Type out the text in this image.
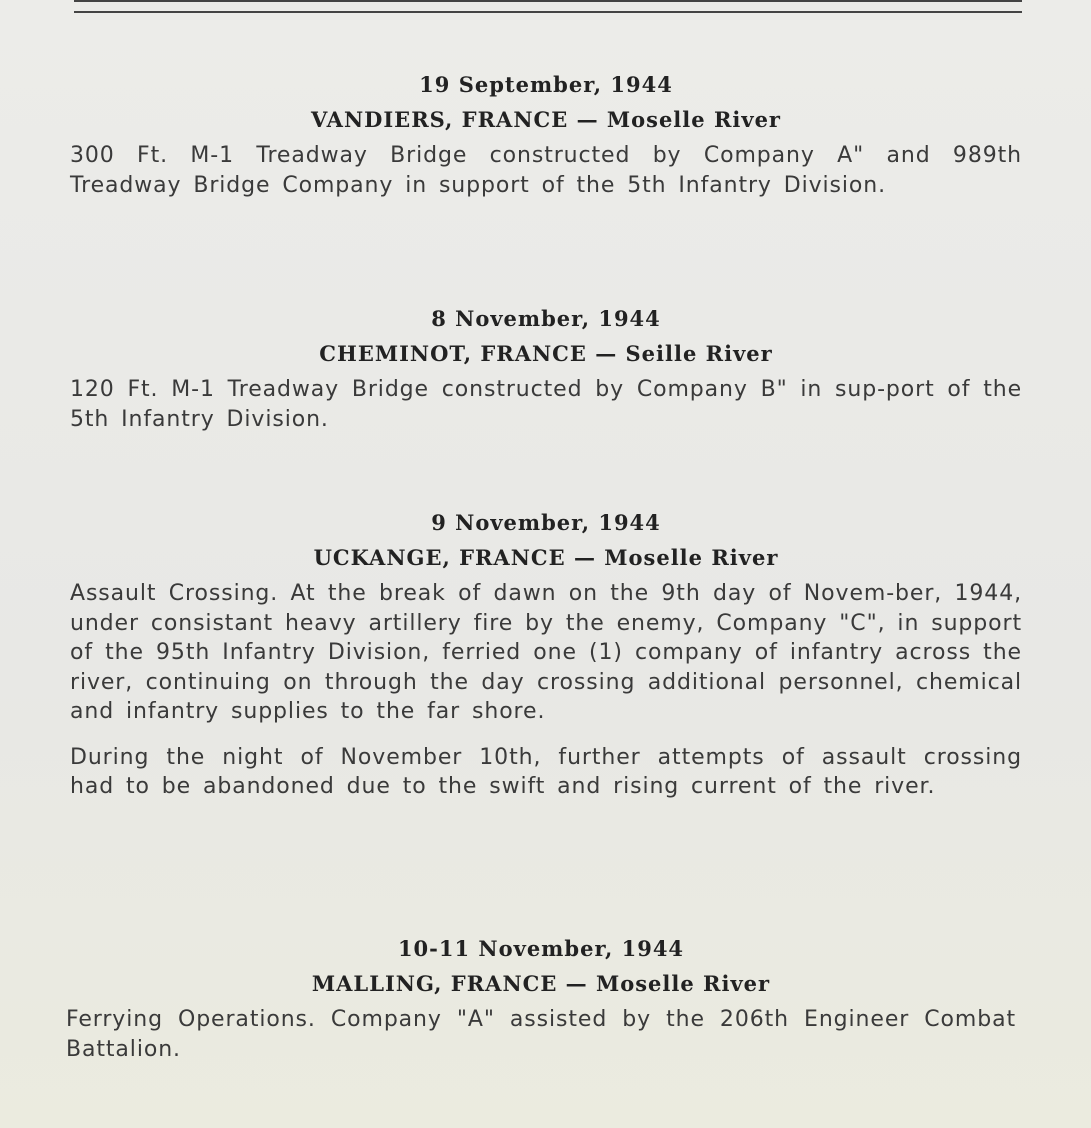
19 September, 1944
VANDIERS, FRANCE — Moselle River

300 Ft. M-1 Treadway Bridge constructed by Company A" and 989th Treadway Bridge Company in support of the 5th Infantry Division.

8 November, 1944
CHEMINOT, FRANCE — Seille River

120 Ft. M-1 Treadway Bridge constructed by Company B" in sup-port of the 5th Infantry Division.

9 November, 1944
UCKANGE, FRANCE — Moselle River

Assault Crossing. At the break of dawn on the 9th day of Novem-ber, 1944, under consistant heavy artillery fire by the enemy, Company "C", in support of the 95th Infantry Division, ferried one (1) company of infantry across the river, continuing on through the day crossing additional personnel, chemical and infantry supplies to the far shore.

During the night of November 10th, further attempts of assault crossing had to be abandoned due to the swift and rising current of the river.

10-11 November, 1944
MALLING, FRANCE — Moselle River

Ferrying Operations. Company "A" assisted by the 206th Engineer Combat Battalion.
